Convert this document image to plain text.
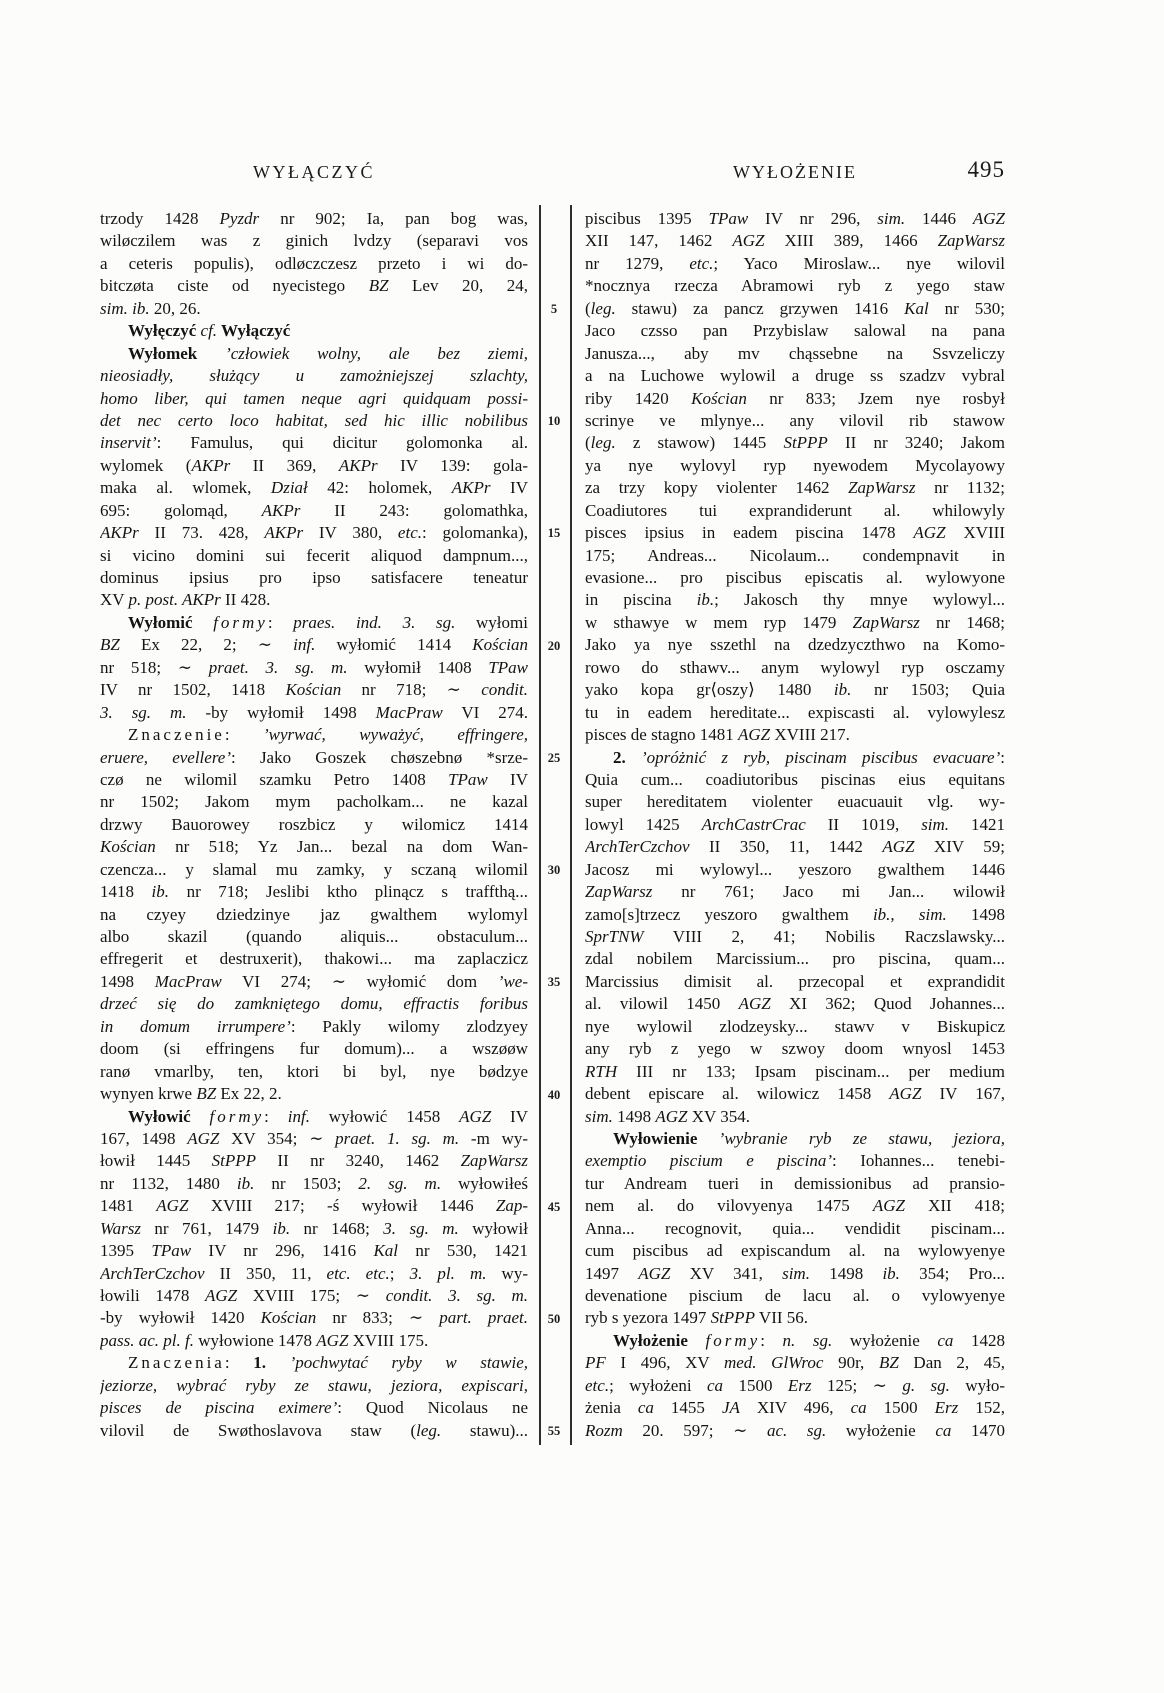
WYŁĄCZYĆ	WYŁOŻENIE	495
trzody 1428 Pyzdr nr 902; Ia, pan bog was,
wiløczilem was z ginich lvdzy (separavi vos
a ceteris populis), odløczczesz przeto i wi do-
bitczøta ciste od nyecistego BZ Lev 20, 24,
sim. ib. 20, 26.
Wyłęczyć cf. Wyłączyć
Wyłomek ’człowiek wolny, ale bez ziemi,
nieosiadły, służący u zamożniejszej szlachty,
homo liber, qui tamen neque agri quidquam possi-
det nec certo loco habitat, sed hic illic nobilibus
inservit’: Famulus, qui dicitur golomonka al.
wylomek (AKPr II 369, AKPr IV 139: gola-
maka al. wlomek, Dział 42: holomek, AKPr IV
695: golomąd, AKPr II 243: golomathka,
AKPr II 73. 428, AKPr IV 380, etc.: golomanka),
si vicino domini sui fecerit aliquod dampnum...,
dominus ipsius pro ipso satisfacere teneatur
XV p. post. AKPr II 428.
Wyłomić formy: praes. ind. 3. sg. wyłomi
BZ Ex 22, 2; ∼ inf. wyłomić 1414 Kościan
nr 518; ∼ praet. 3. sg. m. wyłomił 1408 TPaw
IV nr 1502, 1418 Kościan nr 718; ∼ condit.
3. sg. m. -by wyłomił 1498 MacPraw VI 274.
Znaczenie: ’wyrwać, wyważyć, effringere,
eruere, evellere’: Jako Goszek chøszebnø *srze-
czø ne wilomil szamku Petro 1408 TPaw IV
nr 1502; Jakom mym pacholkam... ne kazal
drzwy Bauorowey roszbicz y wilomicz 1414
Kościan nr 518; Yz Jan... bezal na dom Wan-
czencza... y slamal mu zamky, y sczaną wilomil
1418 ib. nr 718; Jeslibi ktho plinącz s traffthą...
na czyey dziedzinye jaz gwalthem wylomyl
albo skazil (quando aliquis... obstaculum...
effregerit et destruxerit), thakowi... ma zaplaczicz
1498 MacPraw VI 274; ∼ wyłomić dom ’we-
drzeć się do zamkniętego domu, effractis foribus
in domum irrumpere’: Pakly wilomy zlodzyey
doom (si effringens fur domum)... a wszøøw
ranø vmarlby, ten, ktori bi byl, nye bødzye
wynyen krwe BZ Ex 22, 2.
Wyłowić formy: inf. wyłowić 1458 AGZ IV
167, 1498 AGZ XV 354; ∼ praet. 1. sg. m. -m wy-
łowił 1445 StPPP II nr 3240, 1462 ZapWarsz
nr 1132, 1480 ib. nr 1503; 2. sg. m. wyłowiłeś
1481 AGZ XVIII 217; -ś wyłowił 1446 Zap-
Warsz nr 761, 1479 ib. nr 1468; 3. sg. m. wyłowił
1395 TPaw IV nr 296, 1416 Kal nr 530, 1421
ArchTerCzchov II 350, 11, etc. etc.; 3. pl. m. wy-
łowili 1478 AGZ XVIII 175; ∼ condit. 3. sg. m.
-by wyłowił 1420 Kościan nr 833; ∼ part. praet.
pass. ac. pl. f. wyłowione 1478 AGZ XVIII 175.
Znaczenia: 1. ’pochwytać ryby w stawie,
jeziorze, wybrać ryby ze stawu, jeziora, expiscari,
pisces de piscina eximere’: Quod Nicolaus ne
vilovil de Swøthoslavova staw (leg. stawu)...
5
10
15
20
25
30
35
40
45
50
55
piscibus 1395 TPaw IV nr 296, sim. 1446 AGZ
XII 147, 1462 AGZ XIII 389, 1466 ZapWarsz
nr 1279, etc.; Yaco Miroslaw... nye wilovil
*nocznya rzecza Abramowi ryb z yego staw
(leg. stawu) za pancz grzywen 1416 Kal nr 530;
Jaco czsso pan Przybislaw salowal na pana
Janusza..., aby mv chąssebne na Ssvzeliczy
a na Luchowe wylowil a druge ss szadzv vybral
riby 1420 Kościan nr 833; Jzem nye rosbył
scrinye ve mlynye... any vilovil rib stawow
(leg. z stawow) 1445 StPPP II nr 3240; Jakom
ya nye wylovyl ryp nyewodem Mycolayowy
za trzy kopy violenter 1462 ZapWarsz nr 1132;
Coadiutores tui exprandiderunt al. whilowyly
pisces ipsius in eadem piscina 1478 AGZ XVIII
175; Andreas... Nicolaum... condempnavit in
evasione... pro piscibus episcatis al. wylowyone
in piscina ib.; Jakosch thy mnye wylowyl...
w sthawye w mem ryp 1479 ZapWarsz nr 1468;
Jako ya nye sszethl na dzedzyczthwo na Komo-
rowo do sthawv... anym wylowyl ryp osczamy
yako kopa gr⟨oszy⟩ 1480 ib. nr 1503; Quia
tu in eadem hereditate... expiscasti al. vylowylesz
pisces de stagno 1481 AGZ XVIII 217.
2. ’opróżnić z ryb, piscinam piscibus evacuare’:
Quia cum... coadiutoribus piscinas eius equitans
super hereditatem violenter euacuauit vlg. wy-
lowyl 1425 ArchCastrCrac II 1019, sim. 1421
ArchTerCzchov II 350, 11, 1442 AGZ XIV 59;
Jacosz mi wylowyl... yeszoro gwalthem 1446
ZapWarsz nr 761; Jaco mi Jan... wilowił
zamo[s]trzecz yeszoro gwalthem ib., sim. 1498
SprTNW VIII 2, 41; Nobilis Raczslawsky...
zdal nobilem Marcissium... pro piscina, quam...
Marcissius dimisit al. przecopal et exprandidit
al. vilowil 1450 AGZ XI 362; Quod Johannes...
nye wylowil zlodzeysky... stawv v Biskupicz
any ryb z yego w szwoy doom wnyosl 1453
RTH III nr 133; Ipsam piscinam... per medium
debent episcare al. wilowicz 1458 AGZ IV 167,
sim. 1498 AGZ XV 354.
Wyłowienie ’wybranie ryb ze stawu, jeziora,
exemptio piscium e piscina’: Iohannes... tenebi-
tur Andream tueri in demissionibus ad pransio-
nem al. do vilovyenya 1475 AGZ XII 418;
Anna... recognovit, quia... vendidit piscinam...
cum piscibus ad expiscandum al. na wylowyenye
1497 AGZ XV 341, sim. 1498 ib. 354; Pro...
devenatione piscium de lacu al. o vylowyenye
ryb s yezora 1497 StPPP VII 56.
Wyłożenie formy: n. sg. wyłożenie ca 1428
PF I 496, XV med. GlWroc 90r, BZ Dan 2, 45,
etc.; wyłożeni ca 1500 Erz 125; ∼ g. sg. wyło-
żenia ca 1455 JA XIV 496, ca 1500 Erz 152,
Rozm 20. 597; ∼ ac. sg. wyłożenie ca 1470
